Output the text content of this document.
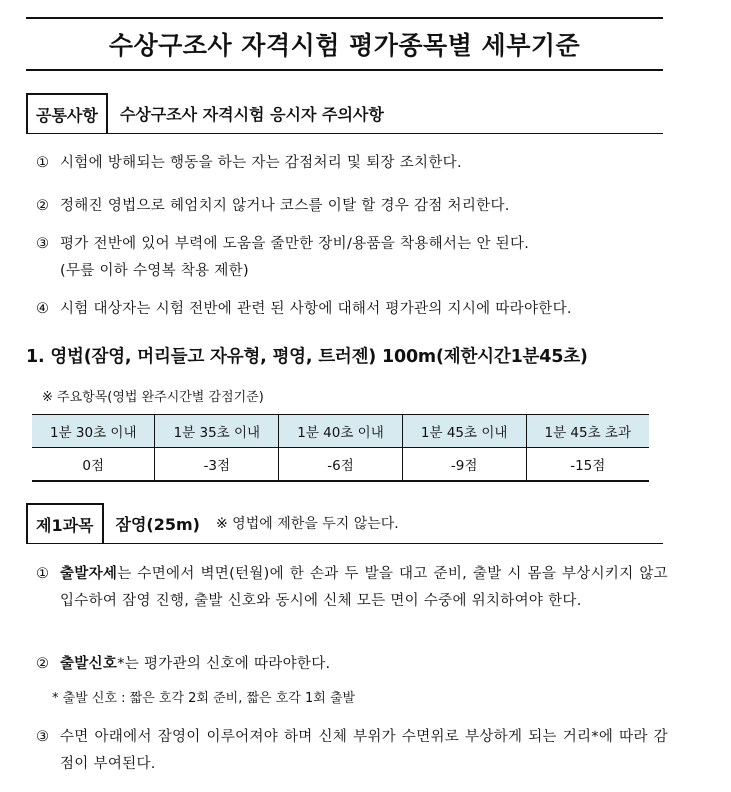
수상구조사 자격시험 평가종목별 세부기준
공통사항	수상구조사 자격시험 응시자 주의사항
① 시험에 방해되는 행동을 하는 자는 감점처리 및 퇴장 조치한다.
② 정해진 영법으로 헤엄치지 않거나 코스를 이탈 할 경우 감점 처리한다.
③ 평가 전반에 있어 부력에 도움을 줄만한 장비/용품을 착용해서는 안 된다.
(무릎 이하 수영복 착용 제한)
④ 시험 대상자는 시험 전반에 관련 된 사항에 대해서 평가관의 지시에 따라야한다.
1. 영법(잠영, 머리들고 자유형, 평영, 트러젠) 100m(제한시간1분45초)
※ 주요항목(영법 완주시간별 감점기준)
1분 30초 이내	1분 35초 이내	1분 40초 이내	1분 45초 이내	1분 45초 초과
0점	-3점	-6점	-9점	-15점
제1과목	잠영(25m)	※ 영법에 제한을 두지 않는다.
① 출발자세는 수면에서 벽면(턴월)에 한 손과 두 발을 대고 준비, 출발 시 몸을 부상시키지 않고 입수하여 잠영 진행, 출발 신호와 동시에 신체 모든 면이 수중에 위치하여야 한다.
② 출발신호*는 평가관의 신호에 따라야한다.
* 출발 신호 : 짧은 호각 2회 준비, 짧은 호각 1회 출발
③ 수면 아래에서 잠영이 이루어져야 하며 신체 부위가 수면위로 부상하게 되는 거리*에 따라 감점이 부여된다.
